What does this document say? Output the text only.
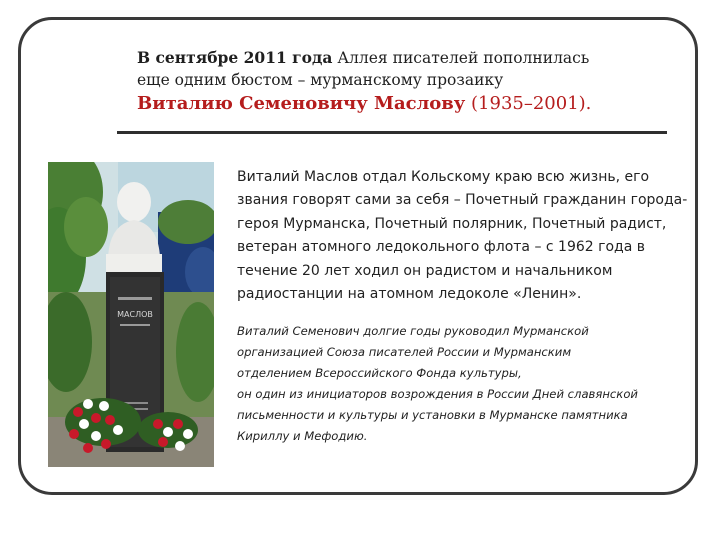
В сентябре 2011 года Аллея писателей пополнилась
еще одним бюстом – мурманскому прозаику
Виталию Семеновичу Маслову (1935–2001).
МАСЛОВ
Виталий Маслов отдал Кольскому краю всю жизнь, его
звания говорят сами за себя – Почетный гражданин города-
героя Мурманска, Почетный полярник, Почетный радист,
ветеран атомного ледокольного флота – с 1962 года в
течение 20 лет ходил он радистом и начальником
радиостанции на атомном ледоколе «Ленин».
Виталий Семенович долгие годы руководил Мурманской
организацией Союза писателей России и Мурманским
отделением Всероссийского Фонда культуры,
он один из инициаторов возрождения в России Дней славянской
письменности и культуры и установки в Мурманске памятника
Кириллу и Мефодию.
